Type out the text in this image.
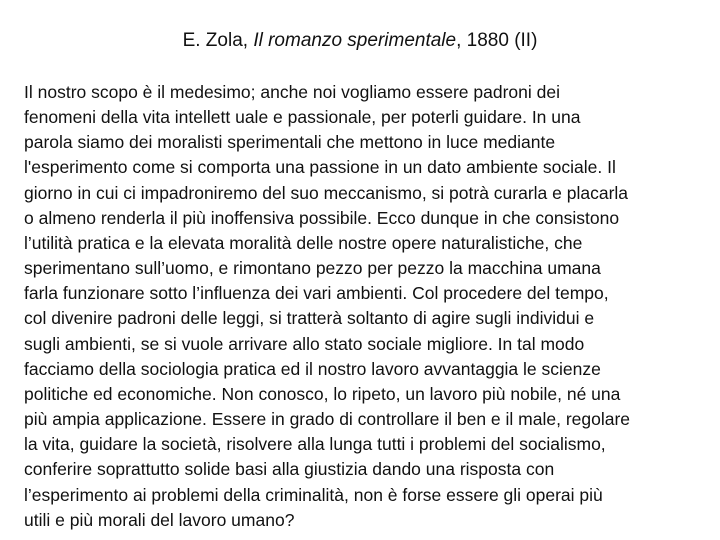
E. Zola, Il romanzo sperimentale, 1880 (II)
Il nostro scopo è il medesimo; anche noi vogliamo essere padroni dei
fenomeni della vita intellett uale e passionale, per poterli guidare. In una
parola siamo dei moralisti sperimentali che mettono in luce mediante
l'esperimento come si comporta una passione in un dato ambiente sociale. Il
giorno in cui ci impadroniremo del suo meccanismo, si potrà curarla e placarla
o almeno renderla il più inoffensiva possibile. Ecco dunque in che consistono
l’utilità pratica e la elevata moralità delle nostre opere naturalistiche, che
sperimentano sull’uomo, e rimontano pezzo per pezzo la macchina umana
farla funzionare sotto l’influenza dei vari ambienti. Col procedere del tempo,
col divenire padroni delle leggi, si tratterà soltanto di agire sugli individui e
sugli ambienti, se si vuole arrivare allo stato sociale migliore. In tal modo
facciamo della sociologia pratica ed il nostro lavoro avvantaggia le scienze
politiche ed economiche. Non conosco, lo ripeto, un lavoro più nobile, né una
più ampia applicazione. Essere in grado di controllare il ben e il male, regolare
la vita, guidare la società, risolvere alla lunga tutti i problemi del socialismo,
conferire soprattutto solide basi alla giustizia dando una risposta con
l’esperimento ai problemi della criminalità, non è forse essere gli operai più
utili e più morali del lavoro umano?
